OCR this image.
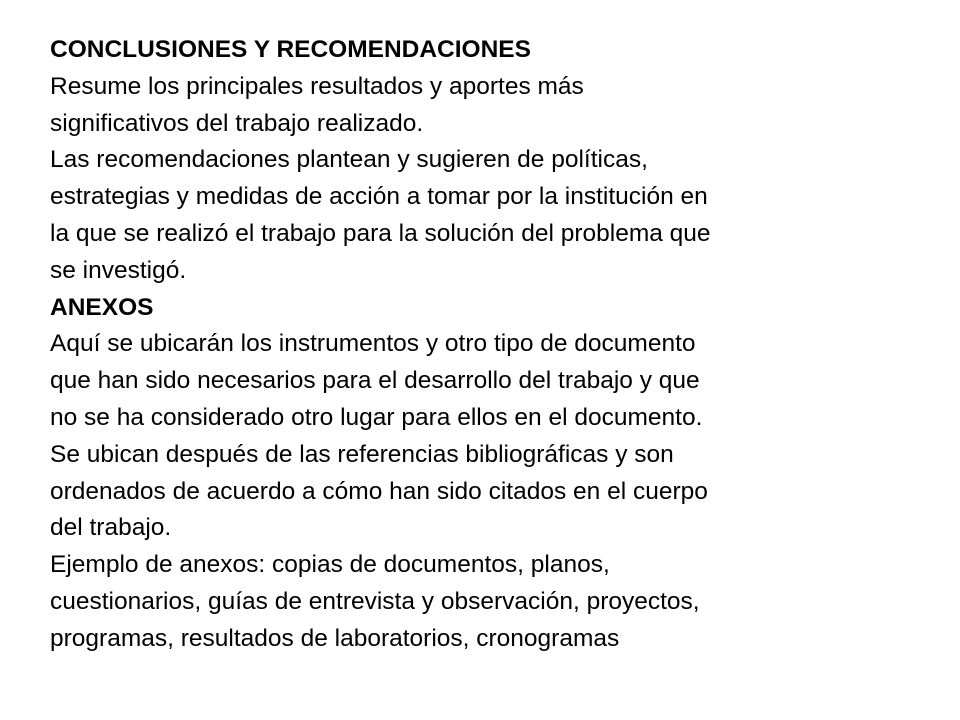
CONCLUSIONES Y RECOMENDACIONES

Resume los principales resultados y aportes más

significativos del trabajo realizado.

Las recomendaciones plantean y sugieren de políticas,

estrategias y medidas de acción a tomar por la institución en

la que se realizó el trabajo para la solución del problema que

se investigó.

ANEXOS

Aquí se ubicarán los instrumentos y otro tipo de documento

que han sido necesarios para el desarrollo del trabajo y que

no se ha considerado otro lugar para ellos en el documento.

Se ubican después de las referencias bibliográficas y son

ordenados de acuerdo a cómo han sido citados en el cuerpo

del trabajo.

Ejemplo de anexos: copias de documentos, planos,

cuestionarios, guías de entrevista y observación, proyectos,

programas, resultados de laboratorios, cronogramas
